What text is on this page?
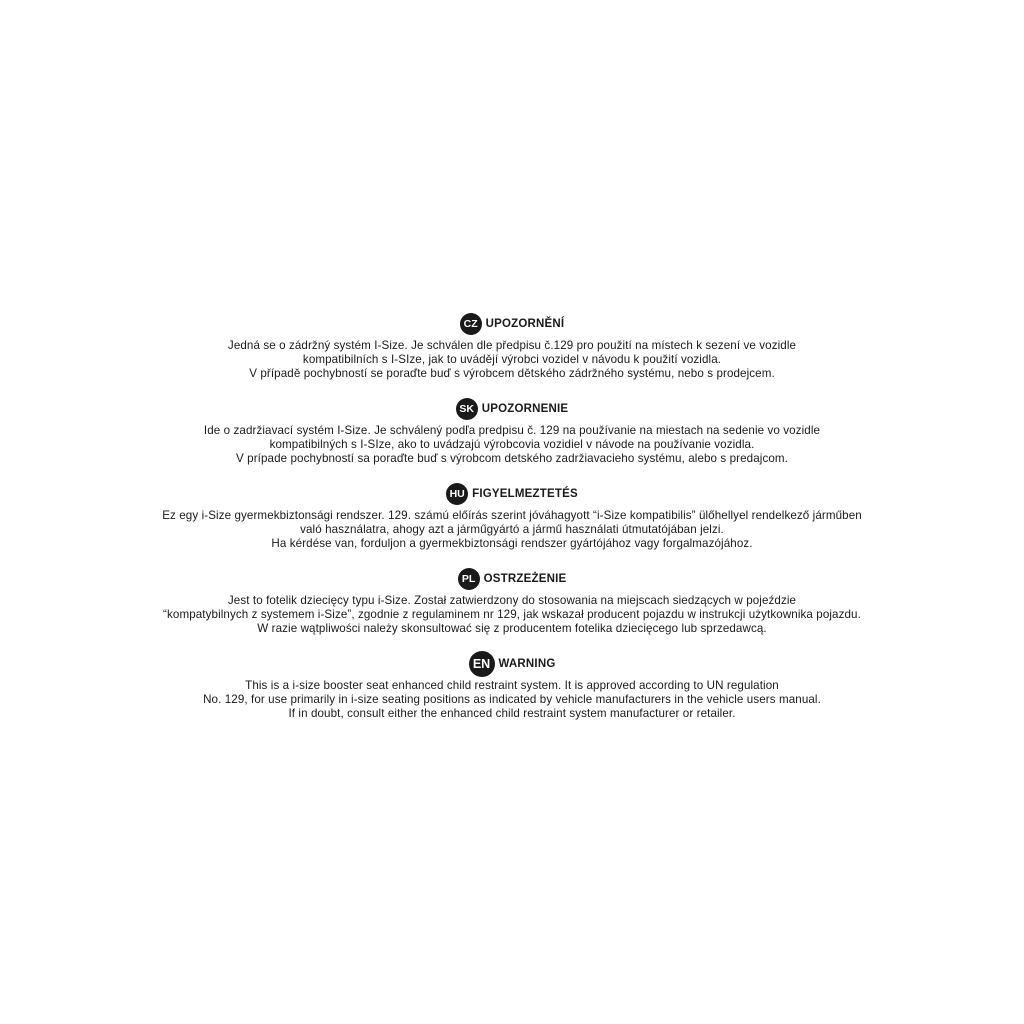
CZ UPOZORNĚNÍ
Jedná se o zádržný systém I-Size. Je schválen dle předpisu č.129 pro použití na místech k sezení ve vozidle
kompatibilních s I-SIze, jak to uvádějí výrobci vozidel v návodu k použití vozidla.
V případě pochybností se poraďte buď s výrobcem dětského zádržného systému, nebo s prodejcem.
SK UPOZORNENIE
Ide o zadržiavací systém I-Size. Je schválený podľa predpisu č. 129 na používanie na miestach na sedenie vo vozidle
kompatibilných s I-SIze, ako to uvádzajú výrobcovia vozidiel v návode na používanie vozidla.
V prípade pochybností sa poraďte buď s výrobcom detského zadržiavacieho systému, alebo s predajcom.
HU FIGYELMEZTETÉS
Ez egy i-Size gyermekbiztonsági rendszer. 129. számú előírás szerint jóváhagyott “i-Size kompatibilis” ülőhellyel rendelkező járműben
való használatra, ahogy azt a járműgyártó a jármű használati útmutatójában jelzi.
Ha kérdése van, forduljon a gyermekbiztonsági rendszer gyártójához vagy forgalmazójához.
PL OSTRZEŻENIE
Jest to fotelik dziecięcy typu i-Size. Został zatwierdzony do stosowania na miejscach siedzących w pojeździe
“kompatybilnych z systemem i-Size”, zgodnie z regulaminem nr 129, jak wskazał producent pojazdu w instrukcji użytkownika pojazdu.
W razie wątpliwości należy skonsultować się z producentem fotelika dziecięcego lub sprzedawcą.
EN WARNING
This is a i-size booster seat enhanced child restraint system. It is approved according to UN regulation
No. 129, for use primarily in i-size seating positions as indicated by vehicle manufacturers in the vehicle users manual.
If in doubt, consult either the enhanced child restraint system manufacturer or retailer.
